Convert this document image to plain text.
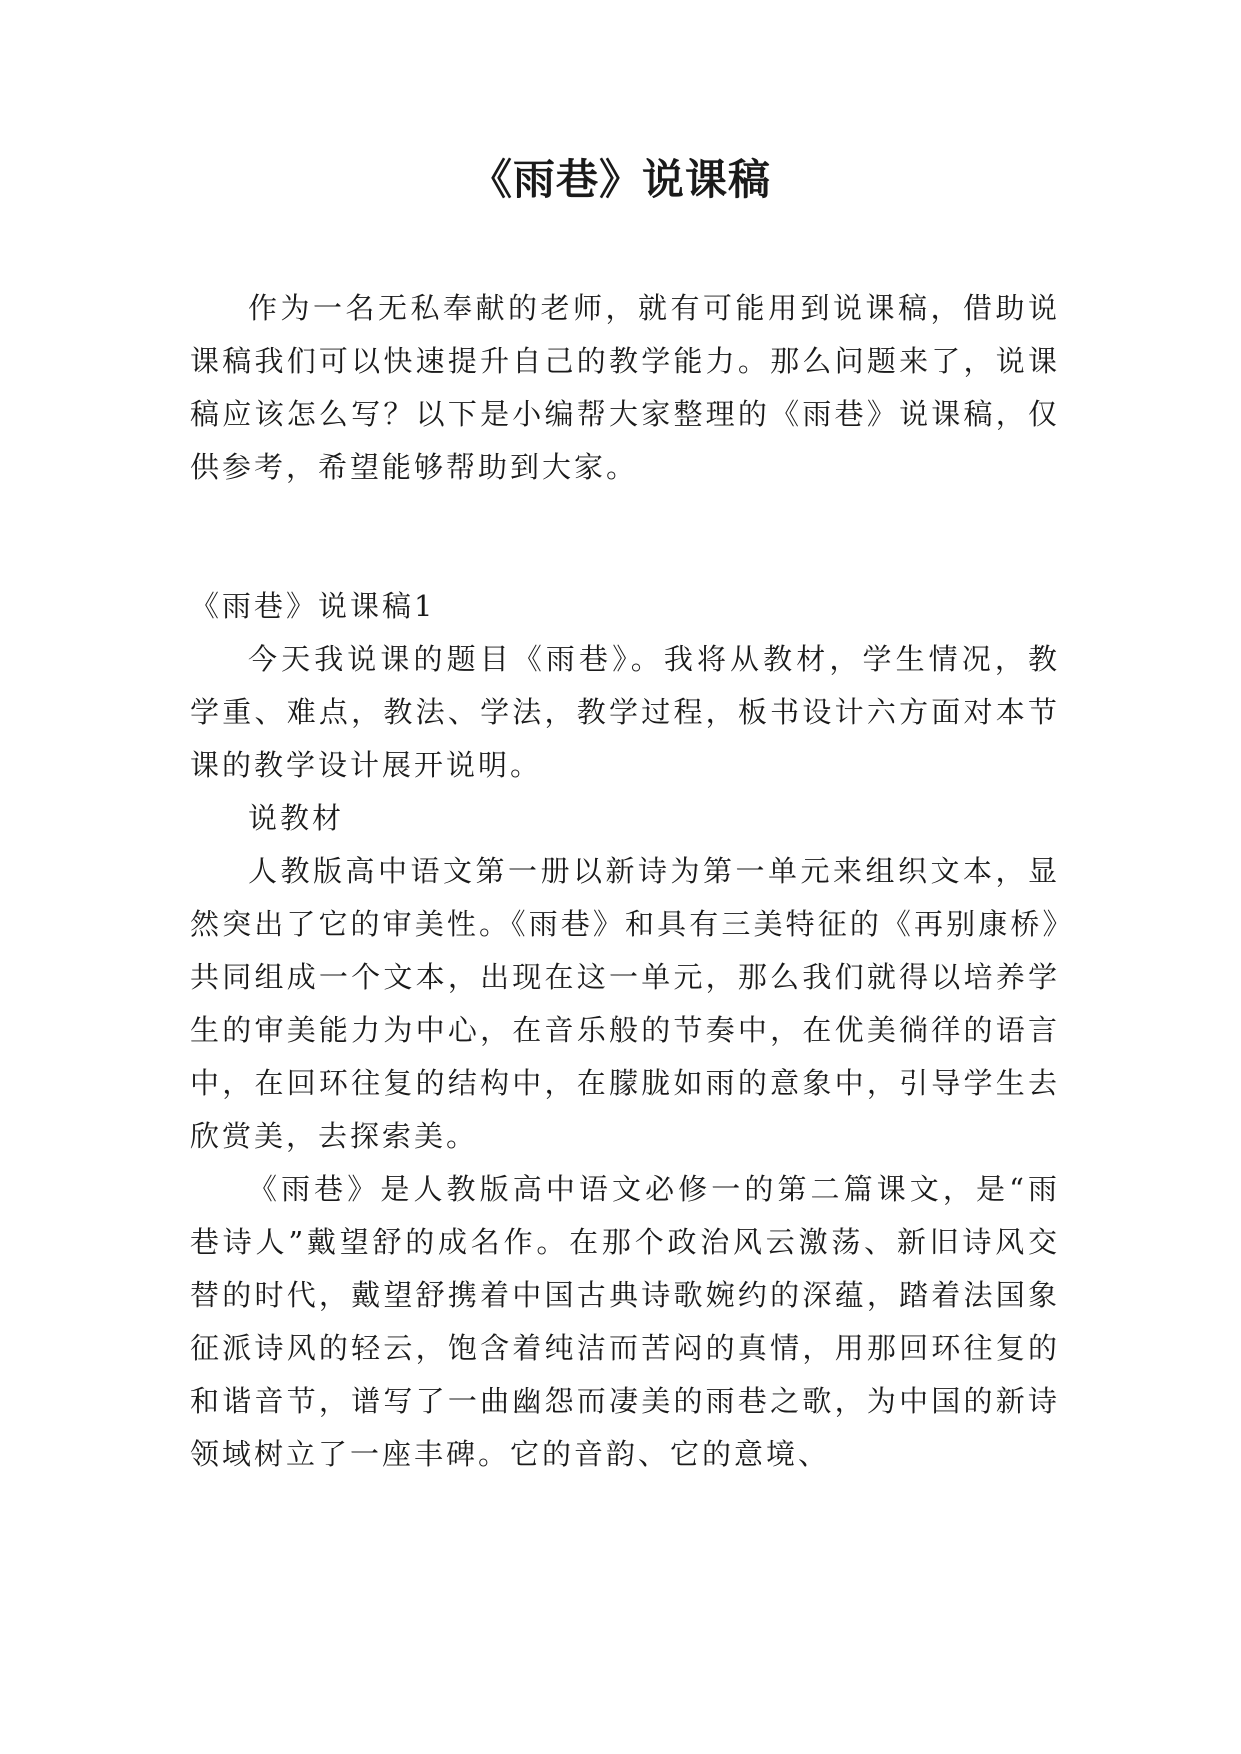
《雨巷》说课稿

作为一名无私奉献的老师，就有可能用到说课稿，借助说课稿我们可以快速提升自己的教学能力。那么问题来了，说课稿应该怎么写？以下是小编帮大家整理的《雨巷》说课稿，仅供参考，希望能够帮助到大家。

《雨巷》说课稿1

今天我说课的题目《雨巷》。我将从教材，学生情况，教学重、难点，教法、学法，教学过程，板书设计六方面对本节课的教学设计展开说明。

说教材

人教版高中语文第一册以新诗为第一单元来组织文本，显然突出了它的审美性。《雨巷》和具有三美特征的《再别康桥》共同组成一个文本，出现在这一单元，那么我们就得以培养学生的审美能力为中心，在音乐般的节奏中，在优美徜徉的语言中，在回环往复的结构中，在朦胧如雨的意象中，引导学生去欣赏美，去探索美。

《雨巷》是人教版高中语文必修一的第二篇课文，是“雨巷诗人”戴望舒的成名作。在那个政治风云激荡、新旧诗风交替的时代，戴望舒携着中国古典诗歌婉约的深蕴，踏着法国象征派诗风的轻云，饱含着纯洁而苦闷的真情，用那回环往复的和谐音节，谱写了一曲幽怨而凄美的雨巷之歌，为中国的新诗领域树立了一座丰碑。它的音韵、它的意境、
